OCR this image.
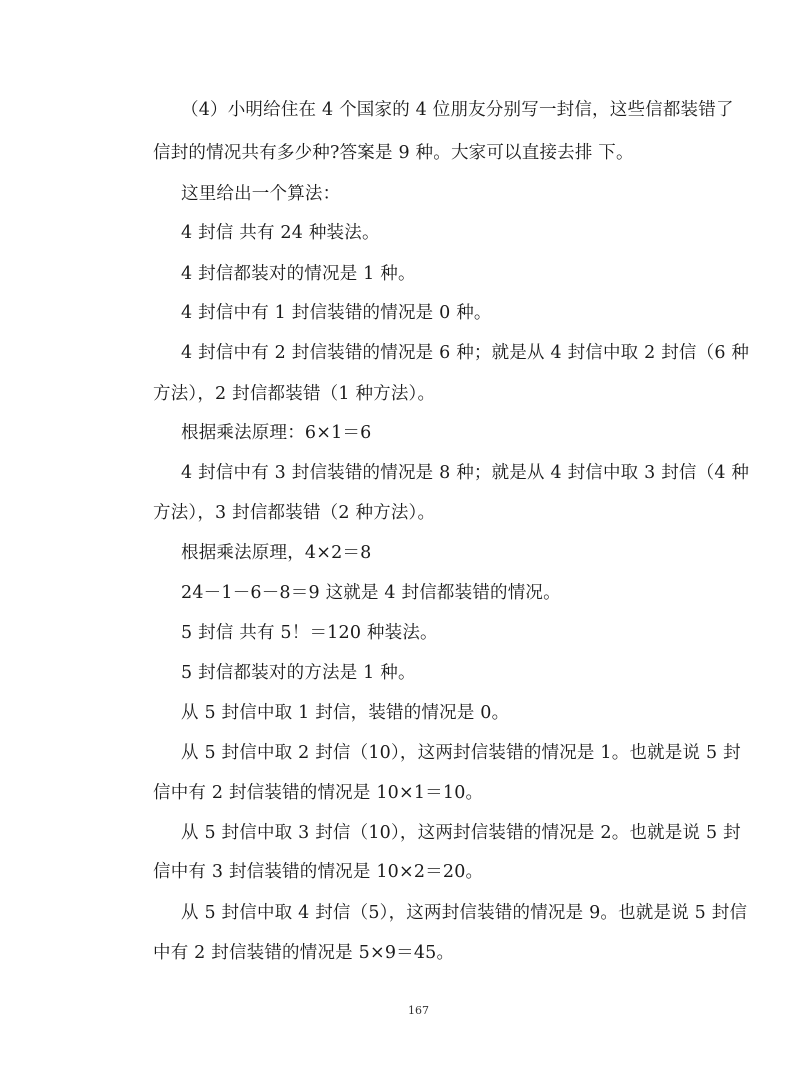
（4）小明给住在 4 个国家的 4 位朋友分别写一封信，这些信都装错了
信封的情况共有多少种?答案是 9 种。大家可以直接去排 下。
这里给出一个算法：
4 封信 共有 24 种装法。
4 封信都装对的情况是 1 种。
4 封信中有 1 封信装错的情况是 0 种。
4 封信中有 2 封信装错的情况是 6 种；就是从 4 封信中取 2 封信（6 种
方法），2 封信都装错（1 种方法）。
根据乘法原理：6×1＝6
4 封信中有 3 封信装错的情况是 8 种；就是从 4 封信中取 3 封信（4 种
方法），3 封信都装错（2 种方法）。
根据乘法原理，4×2＝8
24－1－6－8＝9 这就是 4 封信都装错的情况。
5 封信 共有 5！＝120 种装法。
5 封信都装对的方法是 1 种。
从 5 封信中取 1 封信，装错的情况是 0。
从 5 封信中取 2 封信（10），这两封信装错的情况是 1。也就是说 5 封
信中有 2 封信装错的情况是 10×1＝10。
从 5 封信中取 3 封信（10），这两封信装错的情况是 2。也就是说 5 封
信中有 3 封信装错的情况是 10×2＝20。
从 5 封信中取 4 封信（5），这两封信装错的情况是 9。也就是说 5 封信
中有 2 封信装错的情况是 5×9＝45。
167
